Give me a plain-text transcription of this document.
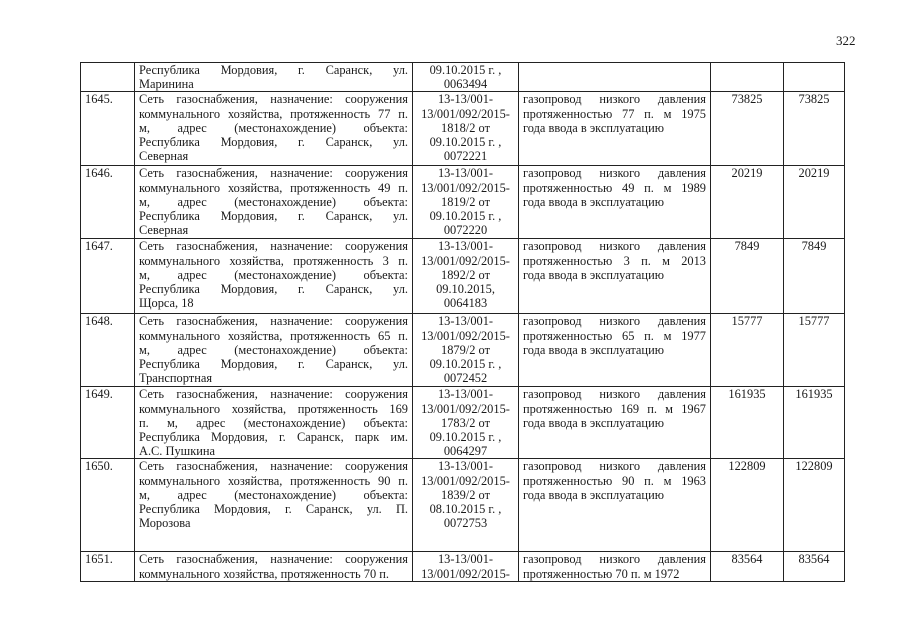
322

	Республика Мордовия, г. Саранск, ул.
Маринина	09.10.2015 г. ,
0063494			

1645.	Сеть газоснабжения, назначение: сооружения
коммунального хозяйства, протяженность 77 п.
м, адрес (местонахождение) объекта:
Республика Мордовия, г. Саранск, ул.
Северная	13-13/001-
13/001/092/2015-
1818/2 от
09.10.2015 г. ,
0072221	газопровод низкого давления
протяженностью 77 п. м 1975
года ввода в эксплуатацию	73825	73825
1646.	Сеть газоснабжения, назначение: сооружения
коммунального хозяйства, протяженность 49 п.
м, адрес (местонахождение) объекта:
Республика Мордовия, г. Саранск, ул.
Северная	13-13/001-
13/001/092/2015-
1819/2 от
09.10.2015 г. ,
0072220	газопровод низкого давления
протяженностью 49 п. м 1989
года ввода в эксплуатацию	20219	20219
1647.	Сеть газоснабжения, назначение: сооружения
коммунального хозяйства, протяженность 3 п.
м, адрес (местонахождение) объекта:
Республика Мордовия, г. Саранск, ул.
Щорса, 18	13-13/001-
13/001/092/2015-
1892/2 от
09.10.2015,
0064183	газопровод низкого давления
протяженностью 3 п. м 2013
года ввода в эксплуатацию	7849	7849
1648.	Сеть газоснабжения, назначение: сооружения
коммунального хозяйства, протяженность 65 п.
м, адрес (местонахождение) объекта:
Республика Мордовия, г. Саранск, ул.
Транспортная	13-13/001-
13/001/092/2015-
1879/2 от
09.10.2015 г. ,
0072452	газопровод низкого давления
протяженностью 65 п. м 1977
года ввода в эксплуатацию	15777	15777
1649.	Сеть газоснабжения, назначение: сооружения
коммунального хозяйства, протяженность 169
п. м, адрес (местонахождение) объекта:
Республика Мордовия, г. Саранск, парк им.
А.С. Пушкина	13-13/001-
13/001/092/2015-
1783/2 от
09.10.2015 г. ,
0064297	газопровод низкого давления
протяженностью 169 п. м 1967
года ввода в эксплуатацию	161935	161935
1650.	Сеть газоснабжения, назначение: сооружения
коммунального хозяйства, протяженность 90 п.
м, адрес (местонахождение) объекта:
Республика Мордовия, г. Саранск, ул. П.
Морозова	13-13/001-
13/001/092/2015-
1839/2 от
08.10.2015 г. ,
0072753	газопровод низкого давления
протяженностью 90 п. м 1963
года ввода в эксплуатацию	122809	122809
1651.	Сеть газоснабжения, назначение: сооружения
коммунального хозяйства, протяженность 70 п.	13-13/001-
13/001/092/2015-	газопровод низкого давления
протяженностью 70 п. м 1972	83564	83564
